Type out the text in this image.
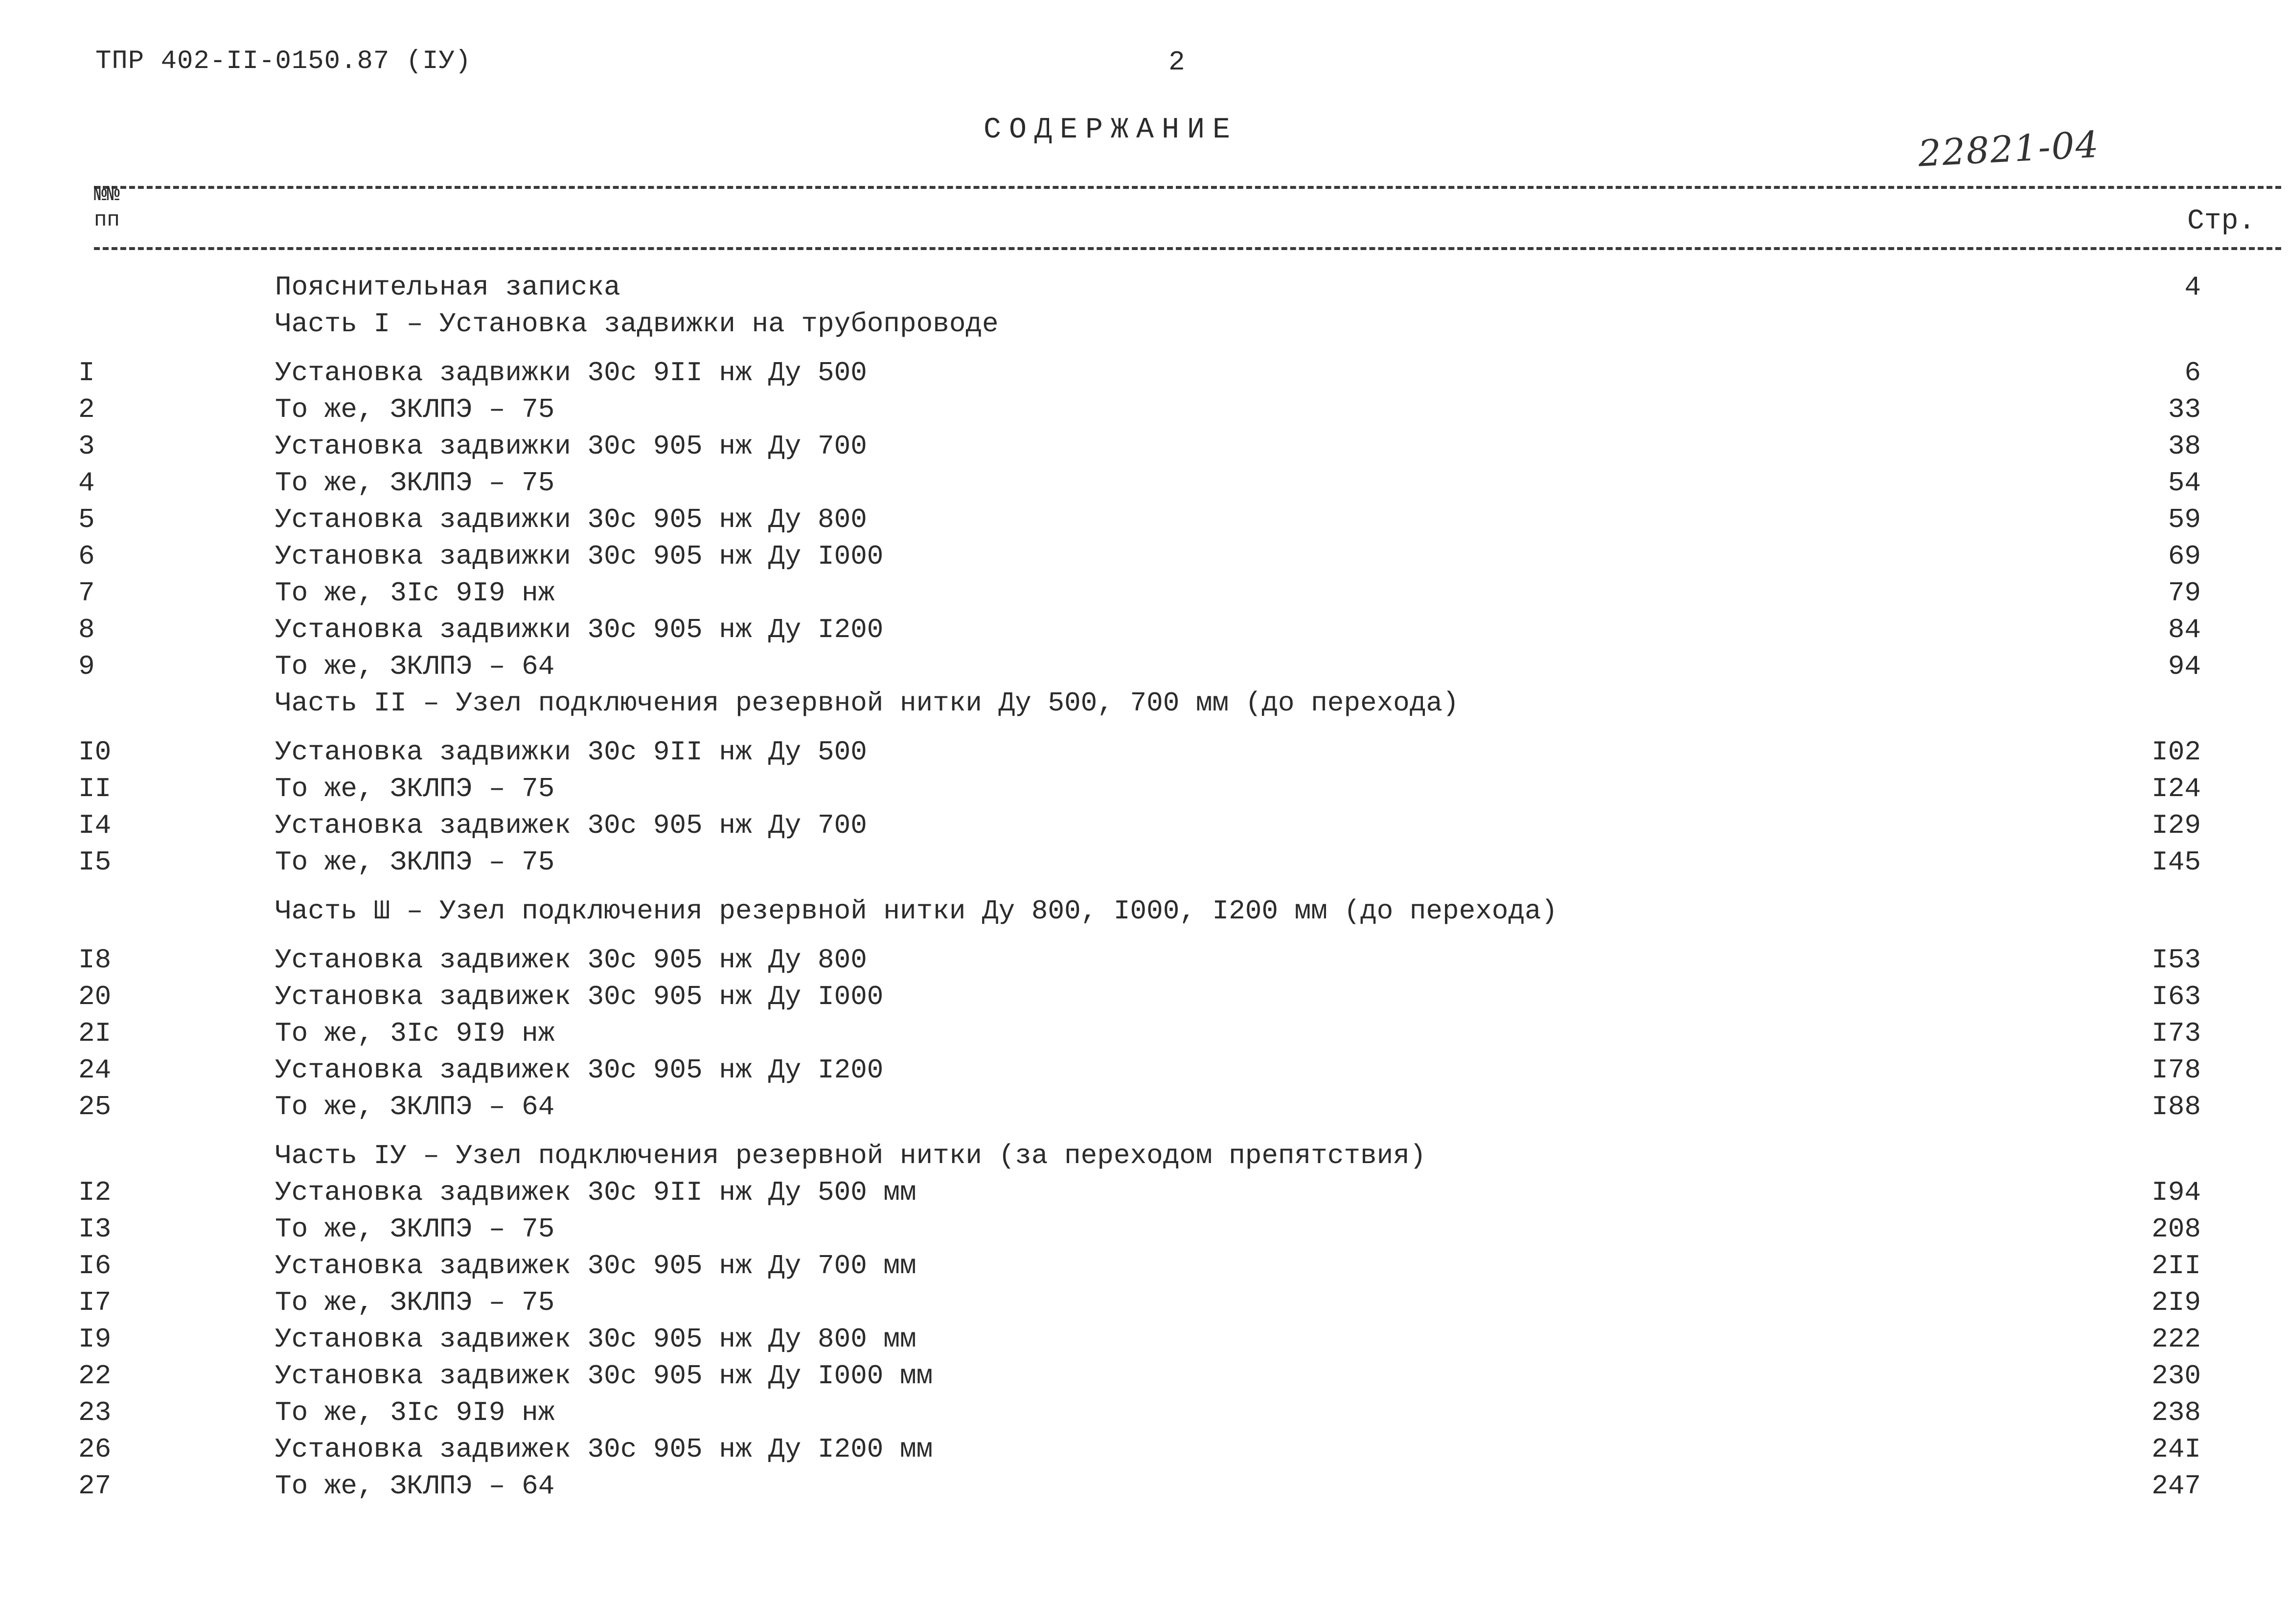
ТПР 402-II-0150.87 (IУ)	2
СОДЕРЖАНИЕ	22821-04
№№
пп	Стр.
Пояснительная записка	4
Часть I – Установка задвижки на трубопроводе
I	Установка задвижки 30с 9II нж Ду 500	6
2	То же, ЗКЛПЭ – 75	33
3	Установка задвижки 30с 905 нж Ду 700	38
4	То же, ЗКЛПЭ – 75	54
5	Установка задвижки 30с 905 нж Ду 800	59
6	Установка задвижки 30с 905 нж Ду I000	69
7	То же, 3Iс 9I9 нж	79
8	Установка задвижки 30с 905 нж Ду I200	84
9	То же, ЗКЛПЭ – 64	94
Часть II – Узел подключения резервной нитки Ду 500, 700 мм (до перехода)
I0	Установка задвижки 30с 9II нж Ду 500	I02
II	То же, ЗКЛПЭ – 75	I24
I4	Установка задвижек 30с 905 нж Ду 700	I29
I5	То же, ЗКЛПЭ – 75	I45
Часть Ш – Узел подключения резервной нитки Ду 800, I000, I200 мм (до перехода)
I8	Установка задвижек 30с 905 нж Ду 800	I53
20	Установка задвижек 30с 905 нж Ду I000	I63
2I	То же, 3Iс 9I9 нж	I73
24	Установка задвижек 30с 905 нж Ду I200	I78
25	То же, ЗКЛПЭ – 64	I88
Часть IУ – Узел подключения резервной нитки (за переходом препятствия)
I2	Установка задвижек 30с 9II нж Ду 500 мм	I94
I3	То же, ЗКЛПЭ – 75	208
I6	Установка задвижек 30с 905 нж Ду 700 мм	2II
I7	То же, ЗКЛПЭ – 75	2I9
I9	Установка задвижек 30с 905 нж Ду 800 мм	222
22	Установка задвижек 30с 905 нж Ду I000 мм	230
23	То же, 3Iс 9I9 нж	238
26	Установка задвижек 30с 905 нж Ду I200 мм	24I
27	То же, ЗКЛПЭ – 64	247
